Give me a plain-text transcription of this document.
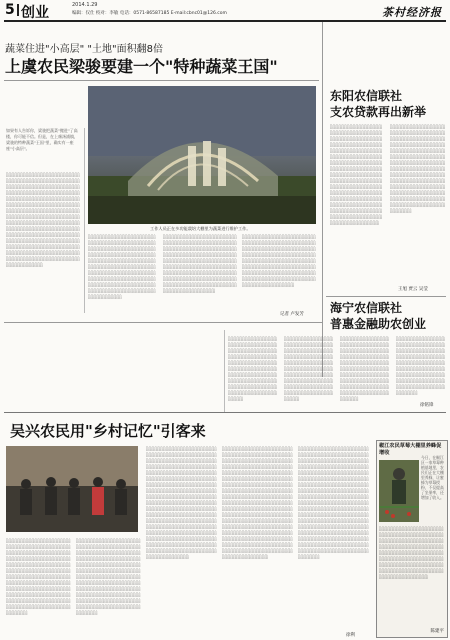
5 创业	2014.1.29
编辑：仅仕 校对：李敏 电话：0571-86587185 E-mail:cbnc01@126.com	茶村经济报
蔬菜住进"小高层" "土地"面积翻8倍
上虞农民梁骏要建一个"特种蔬菜王国"
如果有人告诉你，梁骏把蔬菜"搬进"了高楼，你可能不信。但是，在上虞汤浦镇，梁骏的特种蔬菜"王国"里，确实有一座座"小高层"。
░░░░░░░░░░░░░░░░░░░░░░░░░░░░░░░░░░░░░░░░░░░░░░░░░░░░░░░░░░░░░░░░░░░░░░░░░░░░░░░░░░░░░░░░░░░░░░░░░░░░░░░░░░░░░░░░░░░░░░░░░░░░░░░░░░░░░░░░░░░░░░░░░░░░░░░░░░░░░░░░░░░░░░░░░░░░░░░░░░░░░░░░░░░░░░░░░░░░░░░░░░░░░░░░░░░░░░░░░░░░░░░░░░░░░░░░░░░░░░░░░░░░░░░░░░░░░░░░░░░░░░░░░░░░░░░░░░░░░░░░░░░░░░░░░░░░░░░░░░░░░░░░░░░░░░░░░░░░░░░░░░░░░░░░░░░░░░░░░░░░░░░░░░░░░░░░░░░░░░░░░░░░░░░░░░░░
工作人员正在多功能栽培大棚里为蔬菜进行维护工作。
░░░░░░░░░░░░░░░░░░░░░░░░░░░░░░░░░░░░░░░░░░░░░░░░░░░░░░░░░░░░░░░░░░░░░░░░░░░░░░░░░░░░░░░░░░░░░░░░░░░░░░░░░░░░░░░░░░░░░░░░░░░░░░░░░░░░░░░░░░░░░░░░░░░░░░░░░░░░░░░░░░░░░░░░░░░░░░░░░░░░░░░░░░░░░░░░░░░░░░░░░░░░░░░░░░░░░░░░░░░░░░░░░░░░░░░
░░░░░░░░░░░░░░░░░░░░░░░░░░░░░░░░░░░░░░░░░░░░░░░░░░░░░░░░░░░░░░░░░░░░░░░░░░░░░░░░░░░░░░░░░░░░░░░░░░░░░░░░░░░░░░░░░░░░░░░░░░░░░░░░░░░░░░░░░░░░░░░░░░░░░░░░░░░░░░░░░░░░░░░░░░░░░░░░░░░░░░░░░░░░░░░░░░░░░░░░░░░░░░░░░░░░░░░░░░░░░░░░░░░░░░░░░
░░░░░░░░░░░░░░░░░░░░░░░░░░░░░░░░░░░░░░░░░░░░░░░░░░░░░░░░░░░░░░░░░░░░░░░░░░░░░░░░░░░░░░░░░░░░░░░░░░░░░░░░░░░░░░░░░░░░░░░░░░░░░░░░░░░░░░░░░░░░░░░░░░░░░░░░░░░░░░░░░░░░░░░░░░░░░░░░░░░░░░░░░░░░░░░░░░░░░░░░░░░░░░░░░
记者 卢发芳
东阳农信联社
支农贷款再出新举
░░░░░░░░░░░░░░░░░░░░░░░░░░░░░░░░░░░░░░░░░░░░░░░░░░░░░░░░░░░░░░░░░░░░░░░░░░░░░░░░░░░░░░░░░░░░░░░░░░░░░░░░░░░░░░░░░░░░░░░░░░░░░░░░░░░░░░░░░░░░░░░░░░░░░░░░░░░░░░░░░░░░░░░░░░░░░░░░░░░░░░░░░░░░░░░░░░░░░░░░░░░░░░░░░░░░░░░░░░░░░░░░░░░░░░░░░░░░░░░░░░░░░░░░░░░░░░░░░░░░░░░░░░░░░░░░░░░░░░░░░░░░░░░░
░░░░░░░░░░░░░░░░░░░░░░░░░░░░░░░░░░░░░░░░░░░░░░░░░░░░░░░░░░░░░░░░░░░░░░░░░░░░░░░░░░░░░░░░░░░░░░░░░░░░░░░░░░░░░░░░░░░░░░░░░░░░░░░░░░░░░░░░░░░░░░░░░░░░░░░░░░░░░░░░░░░░░░░░░░░░░░░░░░░░░░░░░░░░░░░░░░░░░░░░░░░░░░░░░░░░░░░░░░░░░░░░░░░░░░░░░░░░░░░░░░░░░░░░░░░░░░░░░░░
王旭 贾云 吴莹
海宁农信联社
普惠金融助农创业
░░░░░░░░░░░░░░░░░░░░░░░░░░░░░░░░░░░░░░░░░░░░░░░░░░░░░░░░░░░░░░░░░░░░░░░░░░░░░░░░░░░░░░░░░░░░░░░░░░░░░░░░░░░░░░░░░░░░░░░░░░░░░░░░░░░░░░░░░░░░░░░░░░░░░░░░░░░░░░░░░░░░░
░░░░░░░░░░░░░░░░░░░░░░░░░░░░░░░░░░░░░░░░░░░░░░░░░░░░░░░░░░░░░░░░░░░░░░░░░░░░░░░░░░░░░░░░░░░░░░░░░░░░░░░░░░░░░░░░░░░░░░░░░░░░░░░░░░░░░░░░░░░░░░░░░░░░░░░░░░░░░░░░░░░░░
░░░░░░░░░░░░░░░░░░░░░░░░░░░░░░░░░░░░░░░░░░░░░░░░░░░░░░░░░░░░░░░░░░░░░░░░░░░░░░░░░░░░░░░░░░░░░░░░░░░░░░░░░░░░░░░░░░░░░░░░░░░░░░░░░░░░░░░░░░░░░░░░░░░░░░░░░░░░░░░░░░░░░░
░░░░░░░░░░░░░░░░░░░░░░░░░░░░░░░░░░░░░░░░░░░░░░░░░░░░░░░░░░░░░░░░░░░░░░░░░░░░░░░░░░░░░░░░░░░░░░░░░░░░░░░░░░░░░░░░░░░░░░░░░░░░░░░░░░░░░░░░░░░░░░░░░░░░░░░
徐铭锋
吴兴农民用"乡村记忆"引客来
░░░░░░░░░░░░░░░░░░░░░░░░░░░░░░░░░░░░░░░░░░░░░░░░░░░░░░░░░░░░░░░░░░░░░░░░░░░░░░░░░░░░░░░░░░░░░░░░░░░░░░░░░░░░░░░░░░░░░░░░░░░░░░░░░░░░░░░░░░░░░░░░░░░░░░░░░░░░░░░░░░░░░░░░░░░░░░░░░░░░░░░░░░░░░░░░░░░░░░░░░░░░░░░░░░░░░░░░░░░░░░░░░░░░░░░░░░░░░░░░░░░░░░░░░░░░░░░░░░░
░░░░░░░░░░░░░░░░░░░░░░░░░░░░░░░░░░░░░░░░░░░░░░░░░░░░░░░░░░░░░░░░░░░░░░░░░░░░░░░░░░░░░░░░░░░░░░░░░░░░░░░░░░░░░░░░░░░░░░░░░░░░░░░░░░░░░░░░░░░░░░░░░░░░░░░░░░░░░░░░░░░░░░░░░░░░░░░░░░░░░░░░░░░░░░░░░░░░░░░░░░░░░░░░░░░░░░░░░░░░░░░░░░░░░░░░░░░░░░░░░░░░░░░░░░░░░░░░░░░
░░░░░░░░░░░░░░░░░░░░░░░░░░░░░░░░░░░░░░░░░░░░░░░░░░░░░░░░░░░░░░░░░░░░░░░░░░░░░░░░░░░░░░░░░░░░░░░░░░░░░░░░░░░░░░░░░░░░░░░░░░░░░░░░░░░░░░░░░░░░░░░░░░░░░░░░░░░░░░░░░░░░░░░░░░░░░░░░░░░░░░░░░░░░░░░░░░░░░░░░░░░░░░░░░░░░░░░░░░░░░░░░░░░░░░░░░░░░░░░░░░░░░░░░░░░░░░░░░░░░░░░░░░░░░░░░░░░░░░░░░░░░░░░░░░░░░░░░░░░░░░░░░░░░░░░░░░░░░░░░░░░░░░░░░░░░░░░░░░░░░░░░░░░░░░░░░░░░░░░░░░░░░░░░░░░░░░░░░░░░░░░░░░░░░░░░░░░░░░░░░░░░░░░░░░░░░░░░░░░░░░░░░░░░
░░░░░░░░░░░░░░░░░░░░░░░░░░░░░░░░░░░░░░░░░░░░░░░░░░░░░░░░░░░░░░░░░░░░░░░░░░░░░░░░░░░░░░░░░░░░░░░░░░░░░░░░░░░░░░░░░░░░░░░░░░░░░░░░░░░░░░░░░░░░░░░░░░░░░░░░░░░░░░░░░░░░░░░░░░░░░░░░░░░░░░░░░░░░░░░░░░░░░░░░░░░░░░░░░░░░░░░░░░░░░░░░░░░░░░░░░░░░░░░░░░░░░░░░░░░░░░░░░░░░░░░░░░░░░░░░░░░░░░░░░░░░░░░░░░░░░░░░░░░░░░░░░░░░░░░░░░░░░░░░░░░░░░░░░░░░░░░░░░░░░░░░░░░░░░░░░░░░░░░░░░░░░░░░░░░░░░░░░░░░░░░░░░░░░░░░░░░░░░░░░░░░░░░░░░░░░░░░░░░░░░░░░░░░░
░░░░░░░░░░░░░░░░░░░░░░░░░░░░░░░░░░░░░░░░░░░░░░░░░░░░░░░░░░░░░░░░░░░░░░░░░░░░░░░░░░░░░░░░░░░░░░░░░░░░░░░░░░░░░░░░░░░░░░░░░░░░░░░░░░░░░░░░░░░░░░░░░░░░░░░░░░░░░░░░░░░░░░░░░░░░░░░░░░░░░░░░░░░░░░░░░░░░░░░░░░░░░░░░░░░░░░░░░░░░░░░░░░░░░░░░░░░░░░░░░░░░░░░░░░░░░░░░░░░░░░░░░░░░░░░░░░░░░░░░░░░░░░░░░░░░░░░░░░░░░░░░░░░░░░░░░░░░░░░░░░░░░░░░░░░░░░░░░░░░░░░░░░░░░░░░░░░░░░░░░░░░░░░░░░░░░░░░░░░░░░░░░░░░░░░░░░░░░░░░░░░░░░░░░░░░░░░░░░░░░
徐利
椒江农民草莓大棚里养蜂促增收
今日，在椒江区一家草莓种植基地里，农民们正在大棚里养蜂，让蜜蜂为草莓授粉，不仅提高了坐果率，还增加了收入。
░░░░░░░░░░░░░░░░░░░░░░░░░░░░░░░░░░░░░░░░░░░░░░░░░░░░░░░░░░░░░░░░░░░░░░░░░░░░░░░░░░░░░░░░░░░░░░░░░░░░░░░░░░░░░░░░░░░░░░░░░░░░░░░░░░░░░░░░░░░░░░░░░░░░░░░░░░░░░░░░░░░░░░░░░░░░░░░░░░░░░░░░
陈建平
